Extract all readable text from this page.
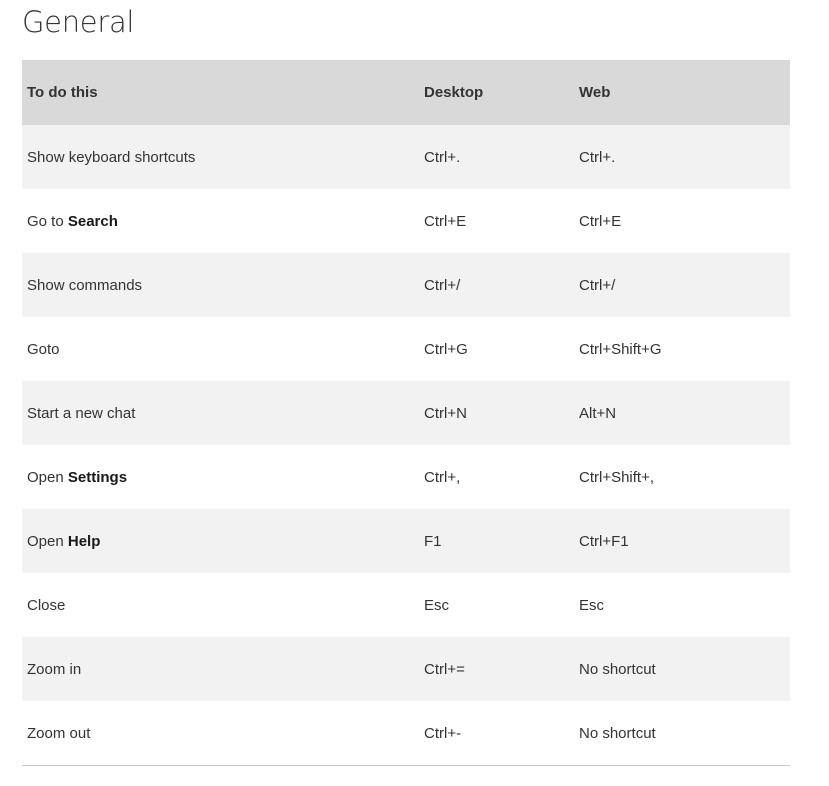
General
To do this	Desktop	Web
Show keyboard shortcuts	Ctrl+.	Ctrl+.
Go to Search	Ctrl+E	Ctrl+E
Show commands	Ctrl+/	Ctrl+/
Goto	Ctrl+G	Ctrl+Shift+G
Start a new chat	Ctrl+N	Alt+N
Open Settings	Ctrl+,	Ctrl+Shift+,
Open Help	F1	Ctrl+F1
Close	Esc	Esc
Zoom in	Ctrl+=	No shortcut
Zoom out	Ctrl+-	No shortcut
